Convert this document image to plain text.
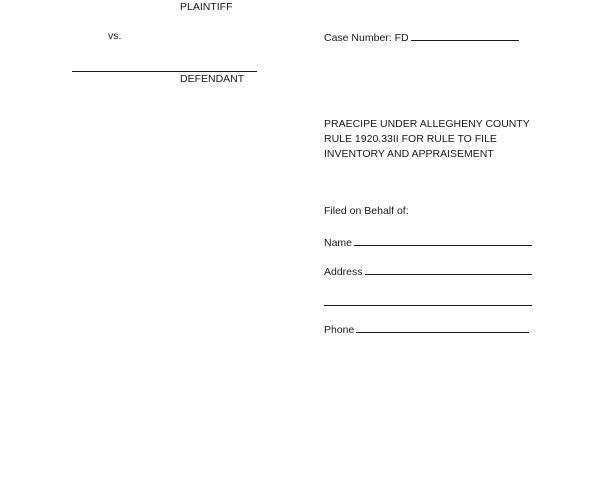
PLAINTIFF
vs.
DEFENDANT
Case Number: FD
PRAECIPE UNDER ALLEGHENY COUNTY
RULE 1920.33II FOR RULE TO FILE
INVENTORY AND APPRAISEMENT
Filed on Behalf of:
Name
Address
Phone
